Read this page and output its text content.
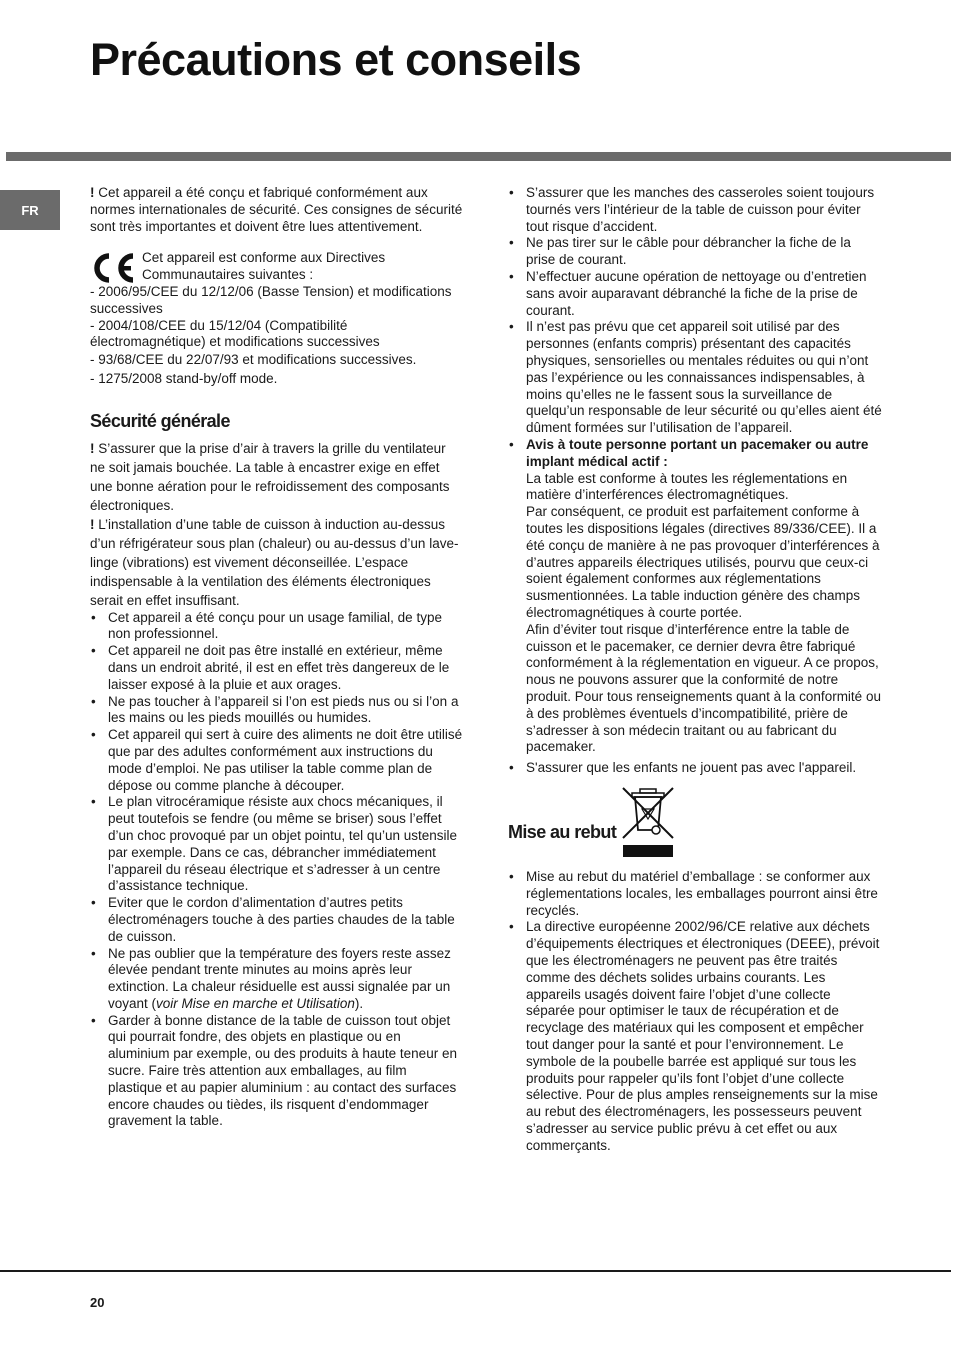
Précautions et conseils
FR

! Cet appareil a été conçu et fabriqué conformément aux normes internationales de sécurité. Ces consignes de sécurité sont très importantes et doivent être lues attentivement.

Cet appareil est conforme aux Directives Communautaires suivantes :

- 2006/95/CEE du 12/12/06 (Basse Tension) et modifications successives

- 2004/108/CEE du 15/12/04 (Compatibilité électromagnétique) et modifications successives

- 93/68/CEE du 22/07/93 et modifications successives.

- 1275/2008 stand-by/off mode.

Sécurité générale

! S’assurer que la prise d’air à travers la grille du ventilateur ne soit jamais bouchée. La table à encastrer exige en effet une bonne aération pour le refroidissement des composants électroniques.

! L’installation d’une table de cuisson à induction au-dessus d’un réfrigérateur sous plan (chaleur) ou au-dessus d’un lave-linge (vibrations) est vivement déconseillée. L’espace indispensable à la ventilation des éléments électroniques serait en effet insuffisant.

• Cet appareil a été conçu pour un usage familial, de type non professionnel.
• Cet appareil ne doit pas être installé en extérieur, même dans un endroit abrité, il est en effet très dangereux de le laisser exposé à la pluie et aux orages.
• Ne pas toucher à l’appareil si l’on est pieds nus ou si l’on a les mains ou les pieds mouillés ou humides.
• Cet appareil qui sert à cuire des aliments ne doit être utilisé que par des adultes conformément aux instructions du mode d’emploi. Ne pas utiliser la table comme plan de dépose ou comme planche à découper.
• Le plan vitrocéramique résiste aux chocs mécaniques, il peut toutefois se fendre (ou même se briser) sous l’effet d’un choc provoqué par un objet pointu, tel qu’un ustensile par exemple. Dans ce cas, débrancher immédiatement l’appareil du réseau électrique et s’adresser à un centre d’assistance technique.
• Eviter que le cordon d’alimentation d’autres petits électroménagers touche à des parties chaudes de la table de cuisson.
• Ne pas oublier que la température des foyers reste assez élevée pendant trente minutes au moins après leur extinction. La chaleur résiduelle est aussi signalée par un voyant (voir Mise en marche et Utilisation).
• Garder à bonne distance de la table de cuisson tout objet qui pourrait fondre, des objets en plastique ou en aluminium par exemple, ou des produits à haute teneur en sucre. Faire très attention aux emballages, au film plastique et au papier aluminium : au contact des surfaces encore chaudes ou tièdes, ils risquent d’endommager gravement la table.
• S’assurer que les manches des casseroles soient toujours tournés vers l’intérieur de la table de cuisson pour éviter tout risque d’accident.
• Ne pas tirer sur le câble pour débrancher la fiche de la prise de courant.
• N’effectuer aucune opération de nettoyage ou d’entretien sans avoir auparavant débranché la fiche de la prise de courant.
• Il n’est pas prévu que cet appareil soit utilisé par des personnes (enfants compris) présentant des capacités physiques, sensorielles ou mentales réduites ou qui n’ont pas l’expérience ou les connaissances indispensables, à moins qu’elles ne le fassent sous la surveillance de quelqu’un responsable de leur sécurité ou qu’elles aient été dûment formées sur l’utilisation de l’appareil.
• Avis à toute personne portant un pacemaker ou autre implant médical actif :

La table est conforme à toutes les réglementations en matière d’interférences électromagnétiques.

Par conséquent, ce produit est parfaitement conforme à toutes les dispositions légales (directives 89/336/CEE). Il a été conçu de manière à ne pas provoquer d’interférences à d’autres appareils électriques utilisés, pourvu que ceux-ci soient également conformes aux réglementations susmentionnées. La table induction génère des champs électromagnétiques à courte portée.

Afin d’éviter tout risque d’interférence entre la table de cuisson et le pacemaker, ce dernier devra être fabriqué conformément à la réglementation en vigueur. A ce propos, nous ne pouvons assurer que la conformité de notre produit. Pour tous renseignements quant à la conformité ou à des problèmes éventuels d’incompatibilité, prière de s’adresser à son médecin traitant ou au fabricant du pacemaker.

• S'assurer que les enfants ne jouent pas avec l'appareil.
Mise au rebut
• Mise au rebut du matériel d’emballage : se conformer aux réglementations locales, les emballages pourront ainsi être recyclés.
• La directive européenne 2002/96/CE relative aux déchets d’équipements électriques et électroniques (DEEE), prévoit que les électroménagers ne peuvent pas être traités comme des déchets solides urbains courants. Les appareils usagés doivent faire l’objet d’une collecte séparée pour optimiser le taux de récupération et de recyclage des matériaux qui les composent et empêcher tout danger pour la santé et pour l’environnement. Le symbole de la poubelle barrée est appliqué sur tous les produits pour rappeler qu’ils font l’objet d’une collecte sélective. Pour de plus amples renseignements sur la mise au rebut des électroménagers, les possesseurs peuvent s’adresser au service public prévu à cet effet ou aux commerçants.
20
